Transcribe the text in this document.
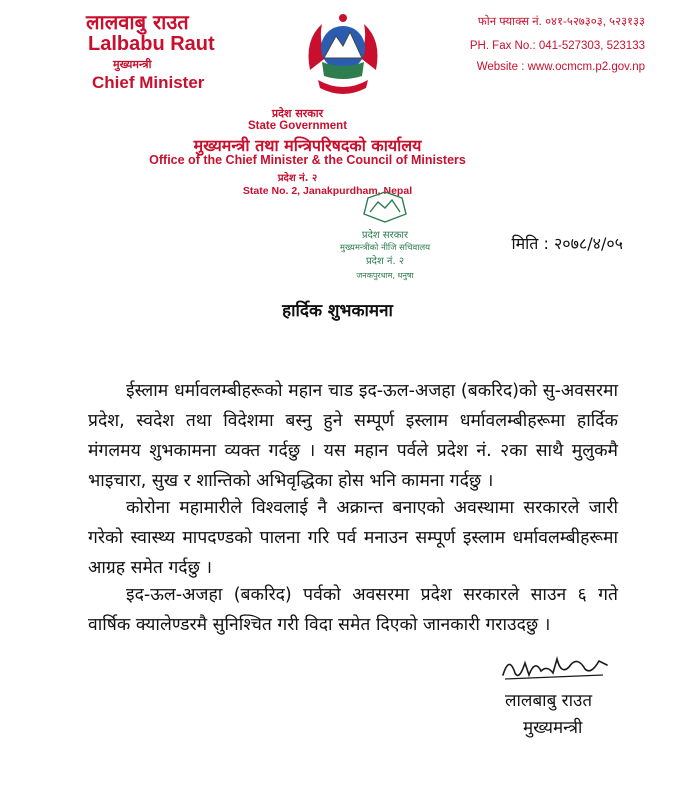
लालवाबु राउत
Lalbabu Raut
मुख्यमन्त्री
Chief Minister
फोन फ्याक्स नं. ०४१-५२७३०३, ५२३१३३
PH. Fax No.: 041-527303, 523133
Website : www.ocmcm.p2.gov.np
प्रदेश सरकार
State Government
मुख्यमन्त्री तथा मन्त्रिपरिषदको कार्यालय
Office of the Chief Minister & the Council of Ministers
प्रदेश नं. २
State No. 2, Janakpurdham, Nepal
प्रदेश सरकार
मुख्यमन्त्रीको नीजि सचिवालय
प्रदेश नं. २
जनकपुरधाम, धनुषा
मिति : २०७८/४/०५
हार्दिक शुभकामना
ईस्लाम धर्मावलम्बीहरूको महान चाड इद-ऊल-अजहा (बकरिद)को सु-अवसरमा प्रदेश, स्वदेश तथा विदेशमा बस्नु हुने सम्पूर्ण इस्लाम धर्मावलम्बीहरूमा हार्दिक मंगलमय शुभकामना व्यक्त गर्दछु । यस महान पर्वले प्रदेश नं. २का साथै मुलुकमै भाइचारा, सुख र शान्तिको अभिवृद्धिका होस भनि कामना गर्दछु ।
कोरोना महामारीले विश्वलाई नै अक्रान्त बनाएको अवस्थामा सरकारले जारी गरेको स्वास्थ्य मापदण्डको पालना गरि पर्व मनाउन सम्पूर्ण इस्लाम धर्मावलम्बीहरूमा आग्रह समेत गर्दछु ।
इद-ऊल-अजहा (बकरिद) पर्वको अवसरमा प्रदेश सरकारले साउन ६ गते वार्षिक क्यालेण्डरमै सुनिश्चित गरी विदा समेत दिएको जानकारी गराउदछु ।
लालबाबु राउत
मुख्यमन्त्री
